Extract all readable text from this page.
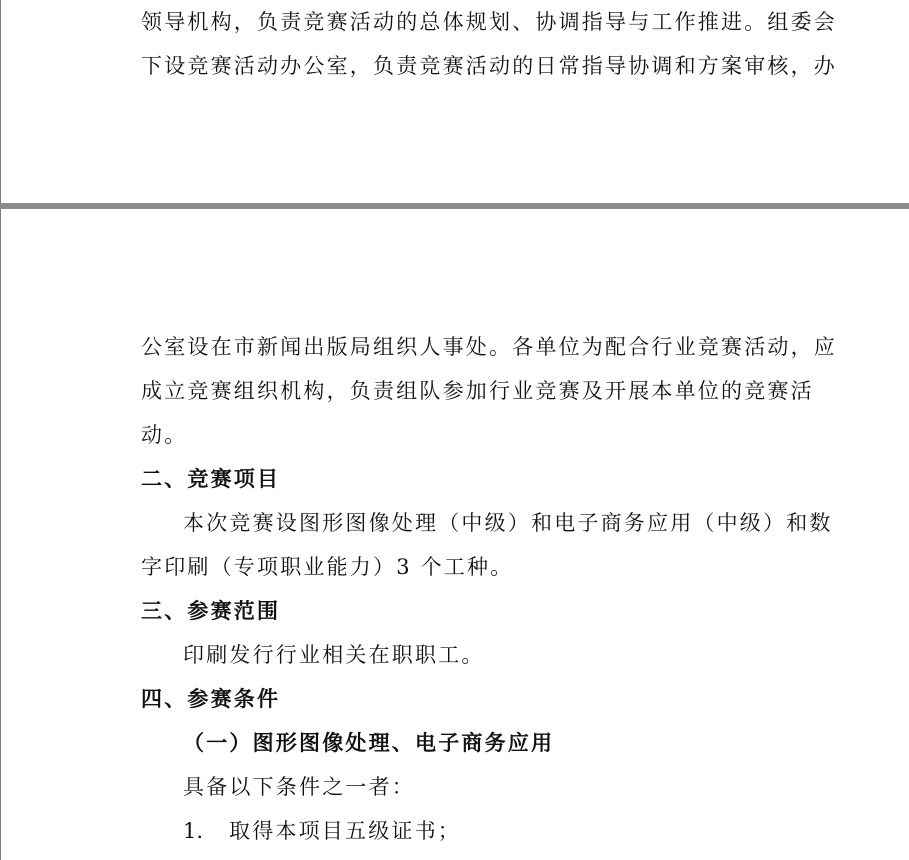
领导机构，负责竞赛活动的总体规划、协调指导与工作推进。组委会
下设竞赛活动办公室，负责竞赛活动的日常指导协调和方案审核，办
公室设在市新闻出版局组织人事处。各单位为配合行业竞赛活动，应
成立竞赛组织机构，负责组队参加行业竞赛及开展本单位的竞赛活
动。
二、竞赛项目
本次竞赛设图形图像处理（中级）和电子商务应用（中级）和数
字印刷（专项职业能力）3 个工种。
三、参赛范围
印刷发行行业相关在职职工。
四、参赛条件
（一）图形图像处理、电子商务应用
具备以下条件之一者：
1. 取得本项目五级证书；
